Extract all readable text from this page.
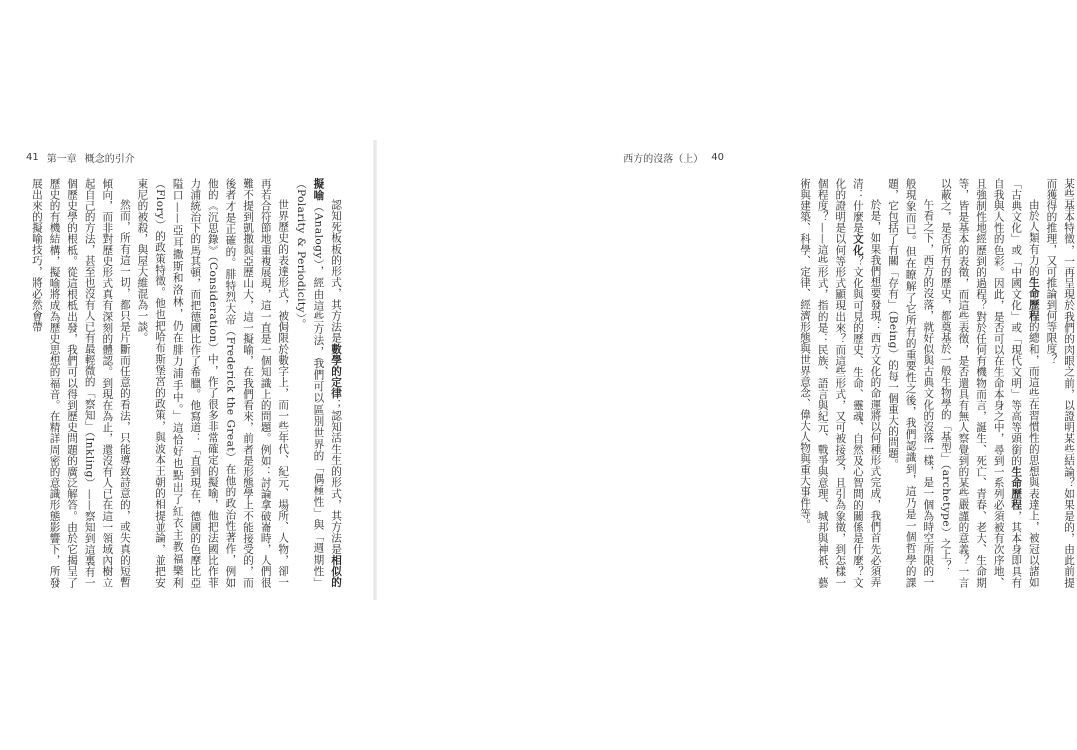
41 第一章 概念的引介

認知死板板的形式，其方法是數學的定律；認知活生生的形式，其方法是相似的擬喻（Analogy），經由這些方法，我們可以區別世界的「偶極性」與「週期性」（Polarity & Periodicity）。

世界歷史的表達形式，被侷限於數字上，而一些年代、紀元、場所、人物，卻一再若合符節地重複展現，這一直是一個知識上的問題。例如：討論拿破崙時，人們很難不提到凱撒與亞歷山大，這一擬喻，在我們看來，前者是形態學上不能接受的，而後者才是正確的。腓特烈大帝（Frederick the Great）在他的政治性著作，例如他的《沉思錄》（Consideration）中，作了很多非常確定的擬喻，他把法國比作菲力浦統治下的馬其頓，而把德國比作了希臘。他寫道：「直到現在，德國的色摩比亞隘口——亞耳撒斯和洛林，仍在腓力浦手中。」這恰好也點出了紅衣主教福樂利（Flory）的政策特徵。他也把哈布斯堡宮的政策，與波本王朝的相提並論，並把安東尼的被殺，與屋大維混為一談。

然而，所有這一切，都只是片斷而任意的看法，只能導致詩意的，或失真的短暫傾向，而非對歷史形式真有深刻的體認。到現在為止，還沒有人已在這一領域內樹立起自己的方法，甚至也沒有人已有最輕微的「察知」（Inkling）——察知到這裏有一個歷史學的根柢。從這根柢出發，我們可以得到歷史問題的廣泛解答。由於它揭呈了歷史的有機結構，擬喻將成為歷史思想的福音。在精詳周密的意識形態影響下，所發展出來的擬喻技巧，將必然會帶

西方的沒落（上） 40

某些基本特徵，一再呈現於我們的肉眼之前，以證明某些結論？如果是的，由此前提而獲得的推理，又可推論到何等限度？

由於人類有力的生命歷程的總和，而這些在習慣性的思想與表達上，被冠以諸如「古典文化」或「中國文化」或「現代文明」等高等頭銜的生命歷程，其本身即具有自我與人性的色彩。因此，是否可以在生命本身之中，尋到一系列必須被有次序地、且強制性地經歷到的過程？對於任何有機物而言，誕生、死亡、青春、老大、生命期等，皆是基本的表徵，而這些表徵，是否還具有無人察覺到的某些嚴謹的意義？一言以蔽之，是否所有的歷史，都奠基於一般生物學的「基型」（archetype）之上？

午看之下，西方的沒落，就好似與古典文化的沒落一樣，是一個為時空所限的一般現象而已。但在瞭解了它所有的重要性之後，我們認識到，這乃是一個哲學的課題，它包括了有關「存有」（Being）的每一個重大的問題。

於是，如果我們想要發現：西方文化的命運將以何種形式完成，我們首先必須弄清：什麼是文化？文化與可見的歷史、生命、靈魂、自然及心智間的關係是什麼？文化的證明是以何等形式顯現出來？而這些形式，又可被接受，且引為象徵，到怎樣一個程度？——這些形式，指的是：民族、語言與紀元、戰爭與意理、城邦與神祇、藝術與建築、科學、定律、經濟形態與世界意念、偉大人物與重大事件等。
